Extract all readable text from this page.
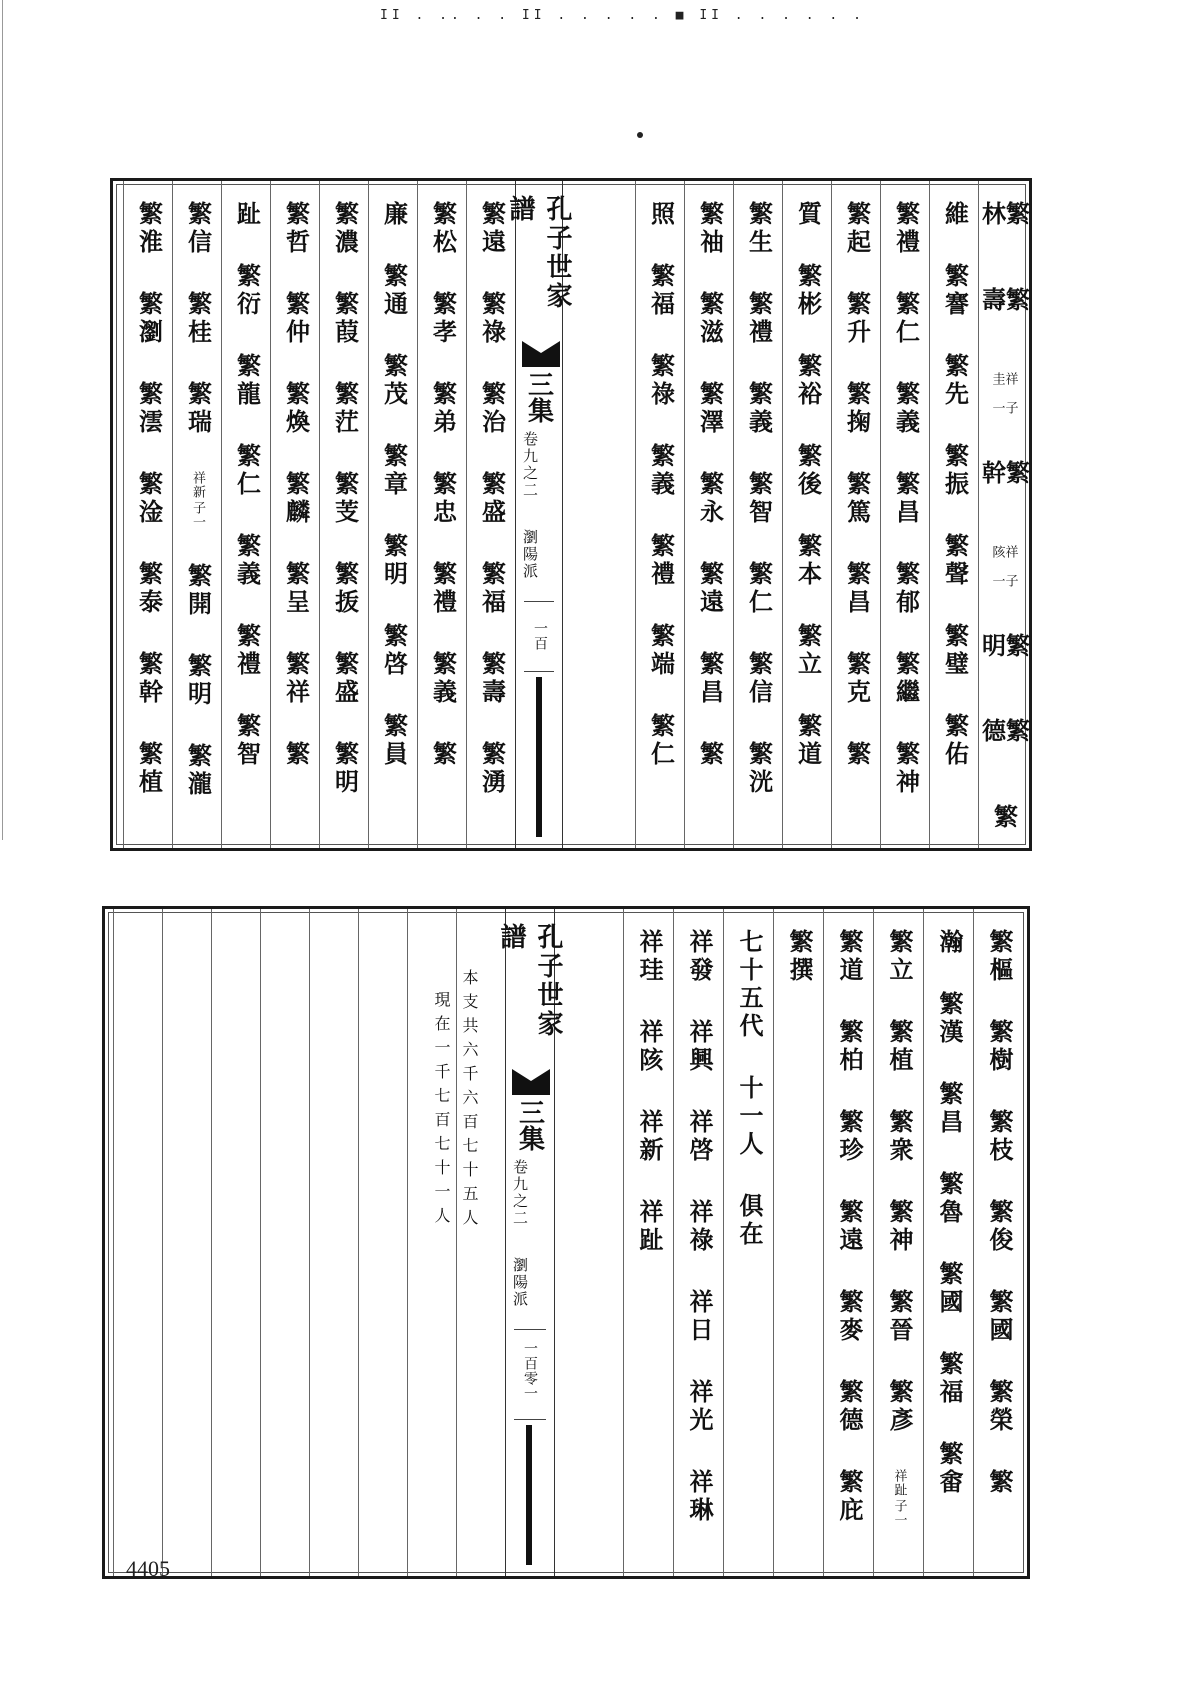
II . .. . . II . . . . . ■ II . . . . . .
繁林
繁壽
子一
祥圭
繁幹
子一
祥陔
繁明
繁德
繁
維
繁謇
繁先
繁振
繁聲
繁璧
繁佑
繁禮
繁仁
繁義
繁昌
繁郁
繁繼
繁神
繁起
繁升
繁掬
繁篤
繁昌
繁克
繁
質
繁彬
繁裕
繁後
繁本
繁立
繁道
繁生
繁禮
繁義
繁智
繁仁
繁信
繁洸
繁䄂
繁滋
繁澤
繁永
繁遠
繁昌
繁
照
繁福
繁祿
繁義
繁禮
繁端
繁仁
孔子世家譜
三集
卷九之二
瀏陽派
一百
繁遠
繁祿
繁治
繁盛
繁福
繁壽
繁湧
繁松
繁孝
繁弟
繁忠
繁禮
繁義
繁
廉
繁通
繁茂
繁章
繁明
繁啓
繁員
繁濃
繁葭
繁茳
繁芰
繁㧞
繁盛
繁明
繁哲
繁仲
繁煥
繁麟
繁呈
繁祥
繁
趾
繁衍
繁龍
繁仁
繁義
繁禮
繁智
繁信
繁桂
繁瑞
子一
祥新
繁開
繁明
繁瀧
繁淮
繁瀏
繁澐
繁淦
繁泰
繁幹
繁植
繁樞
繁樹
繁枝
繁俊
繁國
繁榮
繁
瀚
繁漢
繁昌
繁魯
繁國
繁福
繁畬
繁立
繁植
繁衆
繁神
繁晉
繁彥
子一
祥趾
繁道
繁柏
繁珍
繁遠
繁麥
繁德
繁庇
繁撰
七十五代
十一人
俱在
祥發
祥興
祥啓
祥祿
祥日
祥光
祥琳
祥珪
祥陔
祥新
祥趾
孔子世家譜
三集
卷九之二
瀏陽派
一百零一
本支共六千六百七十五人
現在一千七百七十一人
4405
